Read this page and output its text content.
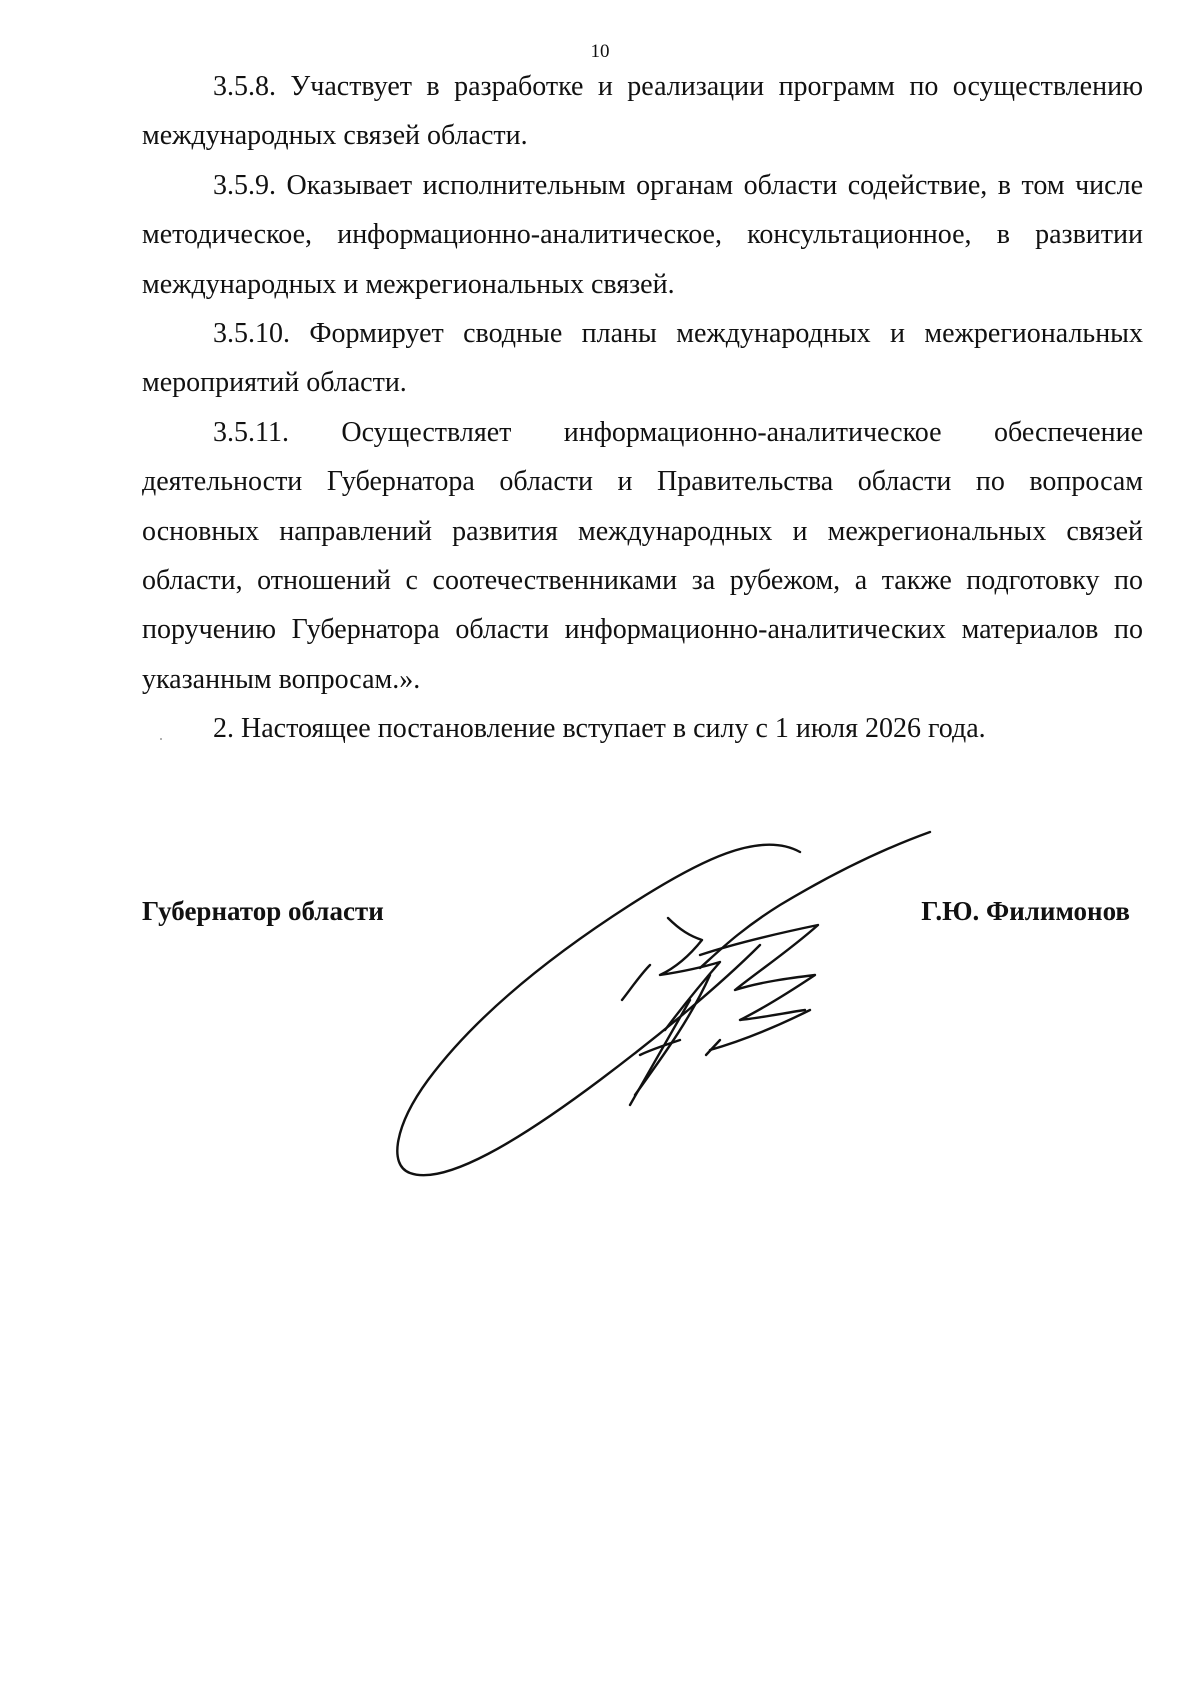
10

3.5.8. Участвует в разработке и реализации программ по осуществлению международных связей области.

3.5.9. Оказывает исполнительным органам области содействие, в том числе методическое, информационно-аналитическое, консультационное, в развитии международных и межрегиональных связей.

3.5.10. Формирует сводные планы международных и межрегиональных мероприятий области.

3.5.11. Осуществляет информационно-аналитическое обеспечение деятельности Губернатора области и Правительства области по вопросам основных направлений развития международных и межрегиональных связей области, отношений с соотечественниками за рубежом, а также подготовку по поручению Губернатора области информационно-аналитических материалов по указанным вопросам.».

2. Настоящее постановление вступает в силу с 1 июля 2026 года.

Губернатор области	Г.Ю. Филимонов
